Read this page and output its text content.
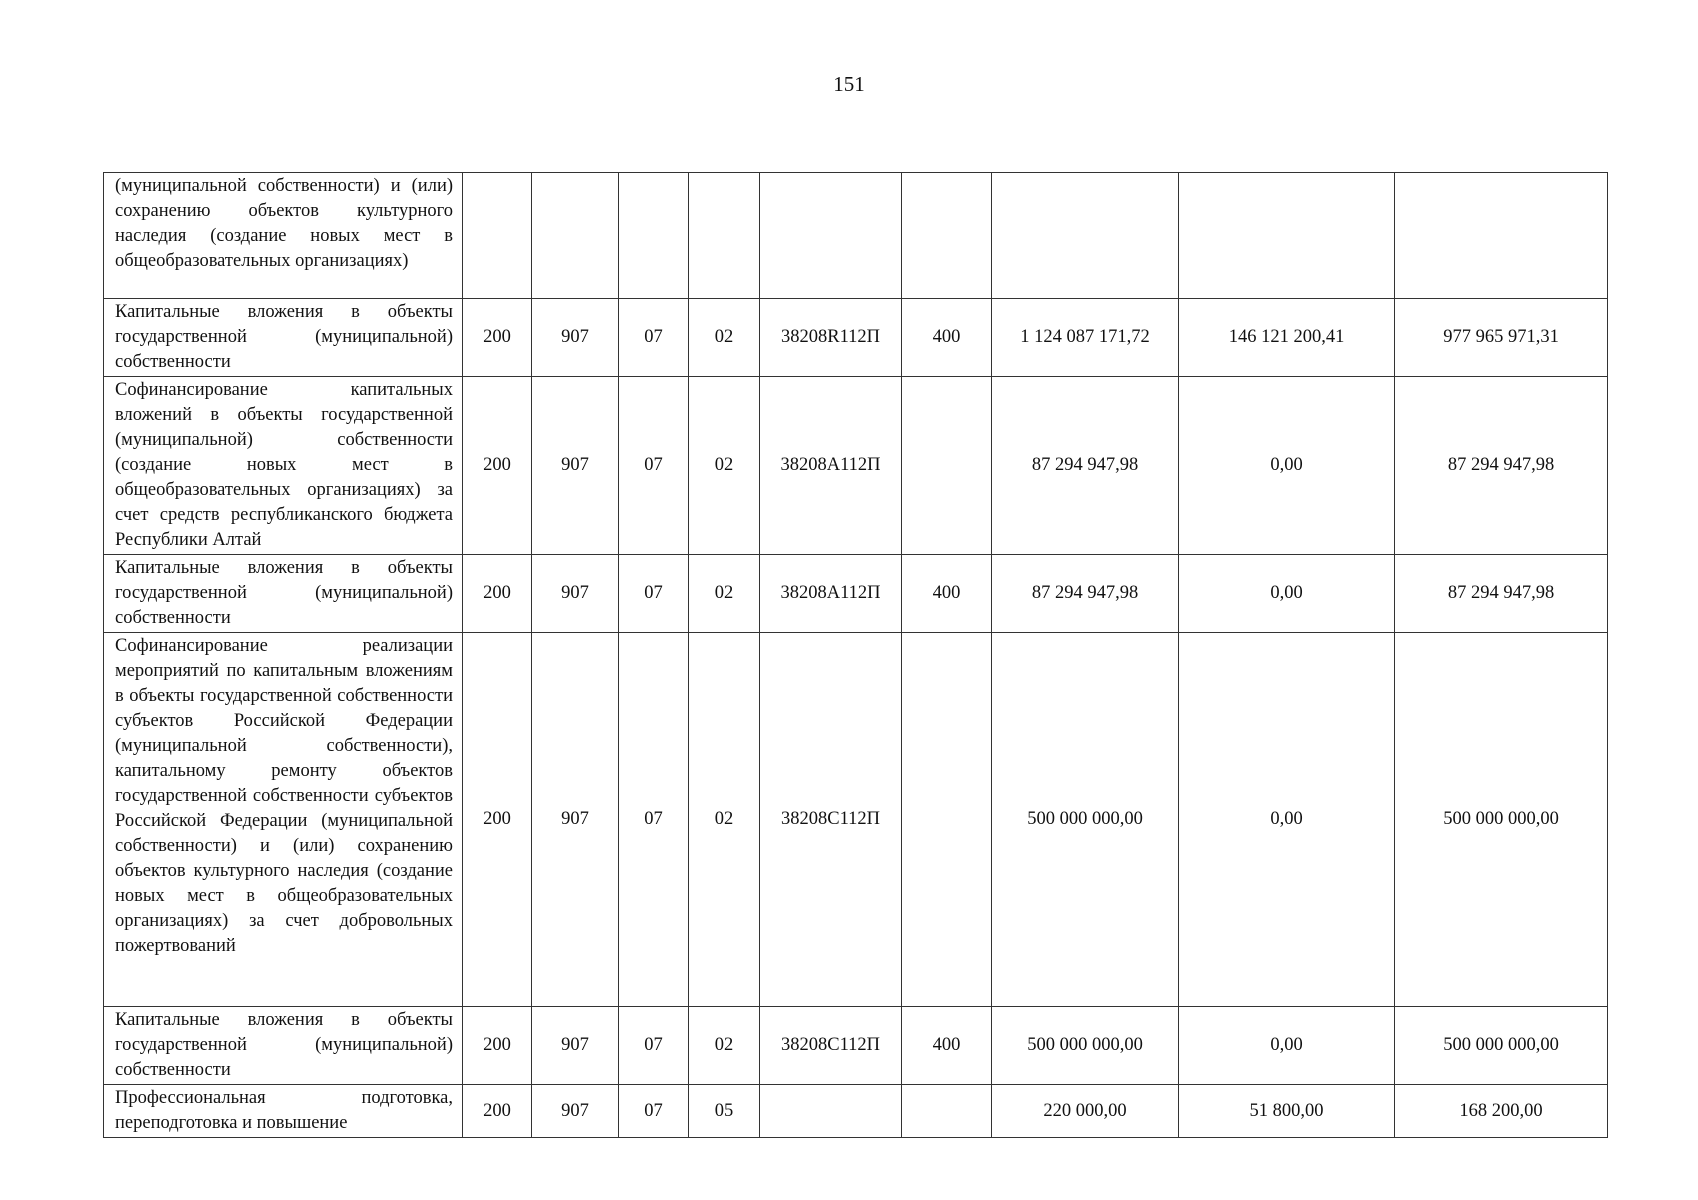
151
(муниципальной собственности) и (или) сохранению объектов культурного наследия (создание новых мест в общеобразовательных организациях)									
Капитальные вложения в объекты государственной (муниципальной) собственности	200	907	07	02	38208R112П	400	1 124 087 171,72	146 121 200,41	977 965 971,31
Софинансирование капитальных вложений в объекты государственной (муниципальной) собственности (создание новых мест в общеобразовательных организациях) за счет средств республиканского бюджета Республики Алтай	200	907	07	02	38208А112П		87 294 947,98	0,00	87 294 947,98
Капитальные вложения в объекты государственной (муниципальной) собственности	200	907	07	02	38208А112П	400	87 294 947,98	0,00	87 294 947,98
Софинансирование реализации мероприятий по капитальным вложениям в объекты государственной собственности субъектов Российской Федерации (муниципальной собственности), капитальному ремонту объектов государственной собственности субъектов Российской Федерации (муниципальной собственности) и (или) сохранению объектов культурного наследия (создание новых мест в общеобразовательных организациях) за счет добровольных пожертвований	200	907	07	02	38208С112П		500 000 000,00	0,00	500 000 000,00
Капитальные вложения в объекты государственной (муниципальной) собственности	200	907	07	02	38208С112П	400	500 000 000,00	0,00	500 000 000,00
Профессиональная подготовка, переподготовка и повышение	200	907	07	05			220 000,00	51 800,00	168 200,00
